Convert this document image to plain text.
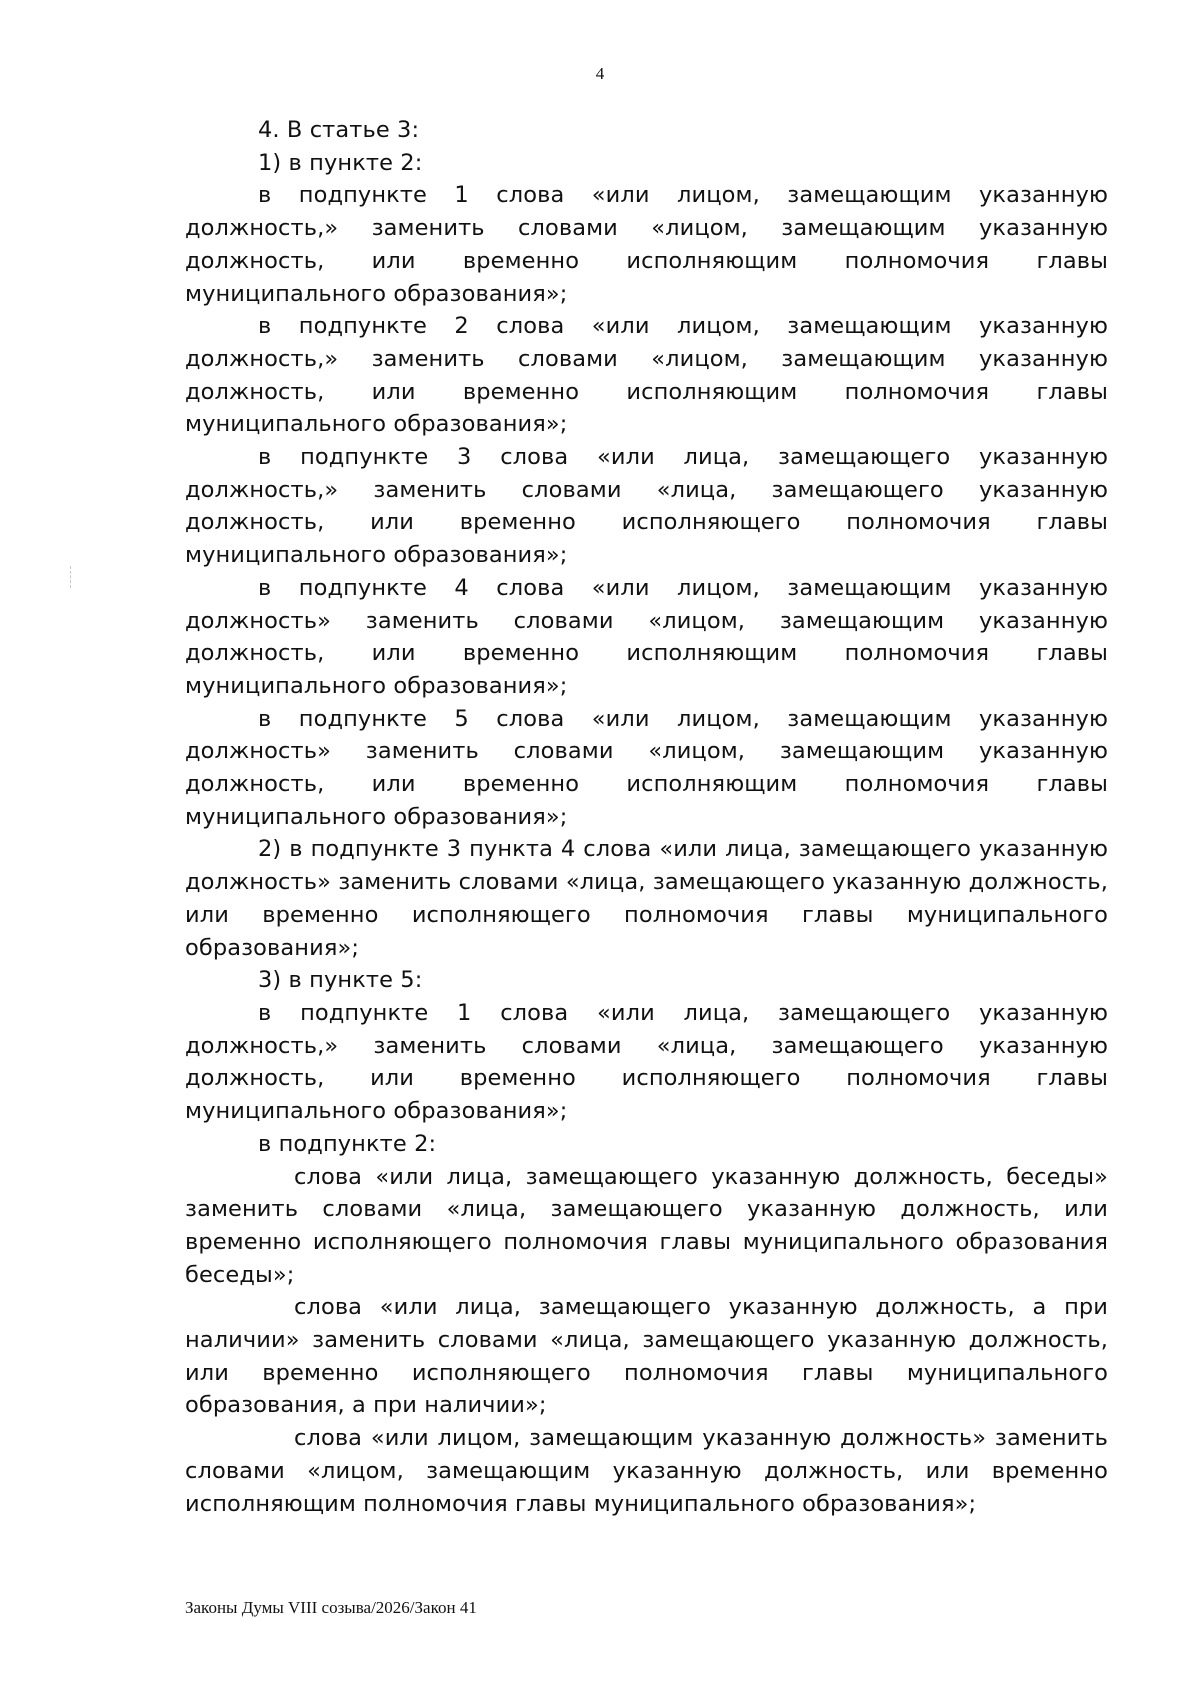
4

4. В статье 3:

1) в пункте 2:

в подпункте 1 слова «или лицом, замещающим указанную должность,» заменить словами «лицом, замещающим указанную должность, или временно исполняющим полномочия главы муниципального образования»;

в подпункте 2 слова «или лицом, замещающим указанную должность,» заменить словами «лицом, замещающим указанную должность, или временно исполняющим полномочия главы муниципального образования»;

в подпункте 3 слова «или лица, замещающего указанную должность,» заменить словами «лица, замещающего указанную должность, или временно исполняющего полномочия главы муниципального образования»;

в подпункте 4 слова «или лицом, замещающим указанную должность» заменить словами «лицом, замещающим указанную должность, или временно исполняющим полномочия главы муниципального образования»;

в подпункте 5 слова «или лицом, замещающим указанную должность» заменить словами «лицом, замещающим указанную должность, или временно исполняющим полномочия главы муниципального образования»;

2) в подпункте 3 пункта 4 слова «или лица, замещающего указанную должность» заменить словами «лица, замещающего указанную должность, или временно исполняющего полномочия главы муниципального образования»;

3) в пункте 5:

в подпункте 1 слова «или лица, замещающего указанную должность,» заменить словами «лица, замещающего указанную должность, или временно исполняющего полномочия главы муниципального образования»;

в подпункте 2:

слова «или лица, замещающего указанную должность, беседы» заменить словами «лица, замещающего указанную должность, или временно исполняющего полномочия главы муниципального образования беседы»;

слова «или лица, замещающего указанную должность, а при наличии» заменить словами «лица, замещающего указанную должность, или временно исполняющего полномочия главы муниципального образования, а при наличии»;

слова «или лицом, замещающим указанную должность» заменить словами «лицом, замещающим указанную должность, или временно исполняющим полномочия главы муниципального образования»;

Законы Думы VIII созыва/2026/Закон 41
